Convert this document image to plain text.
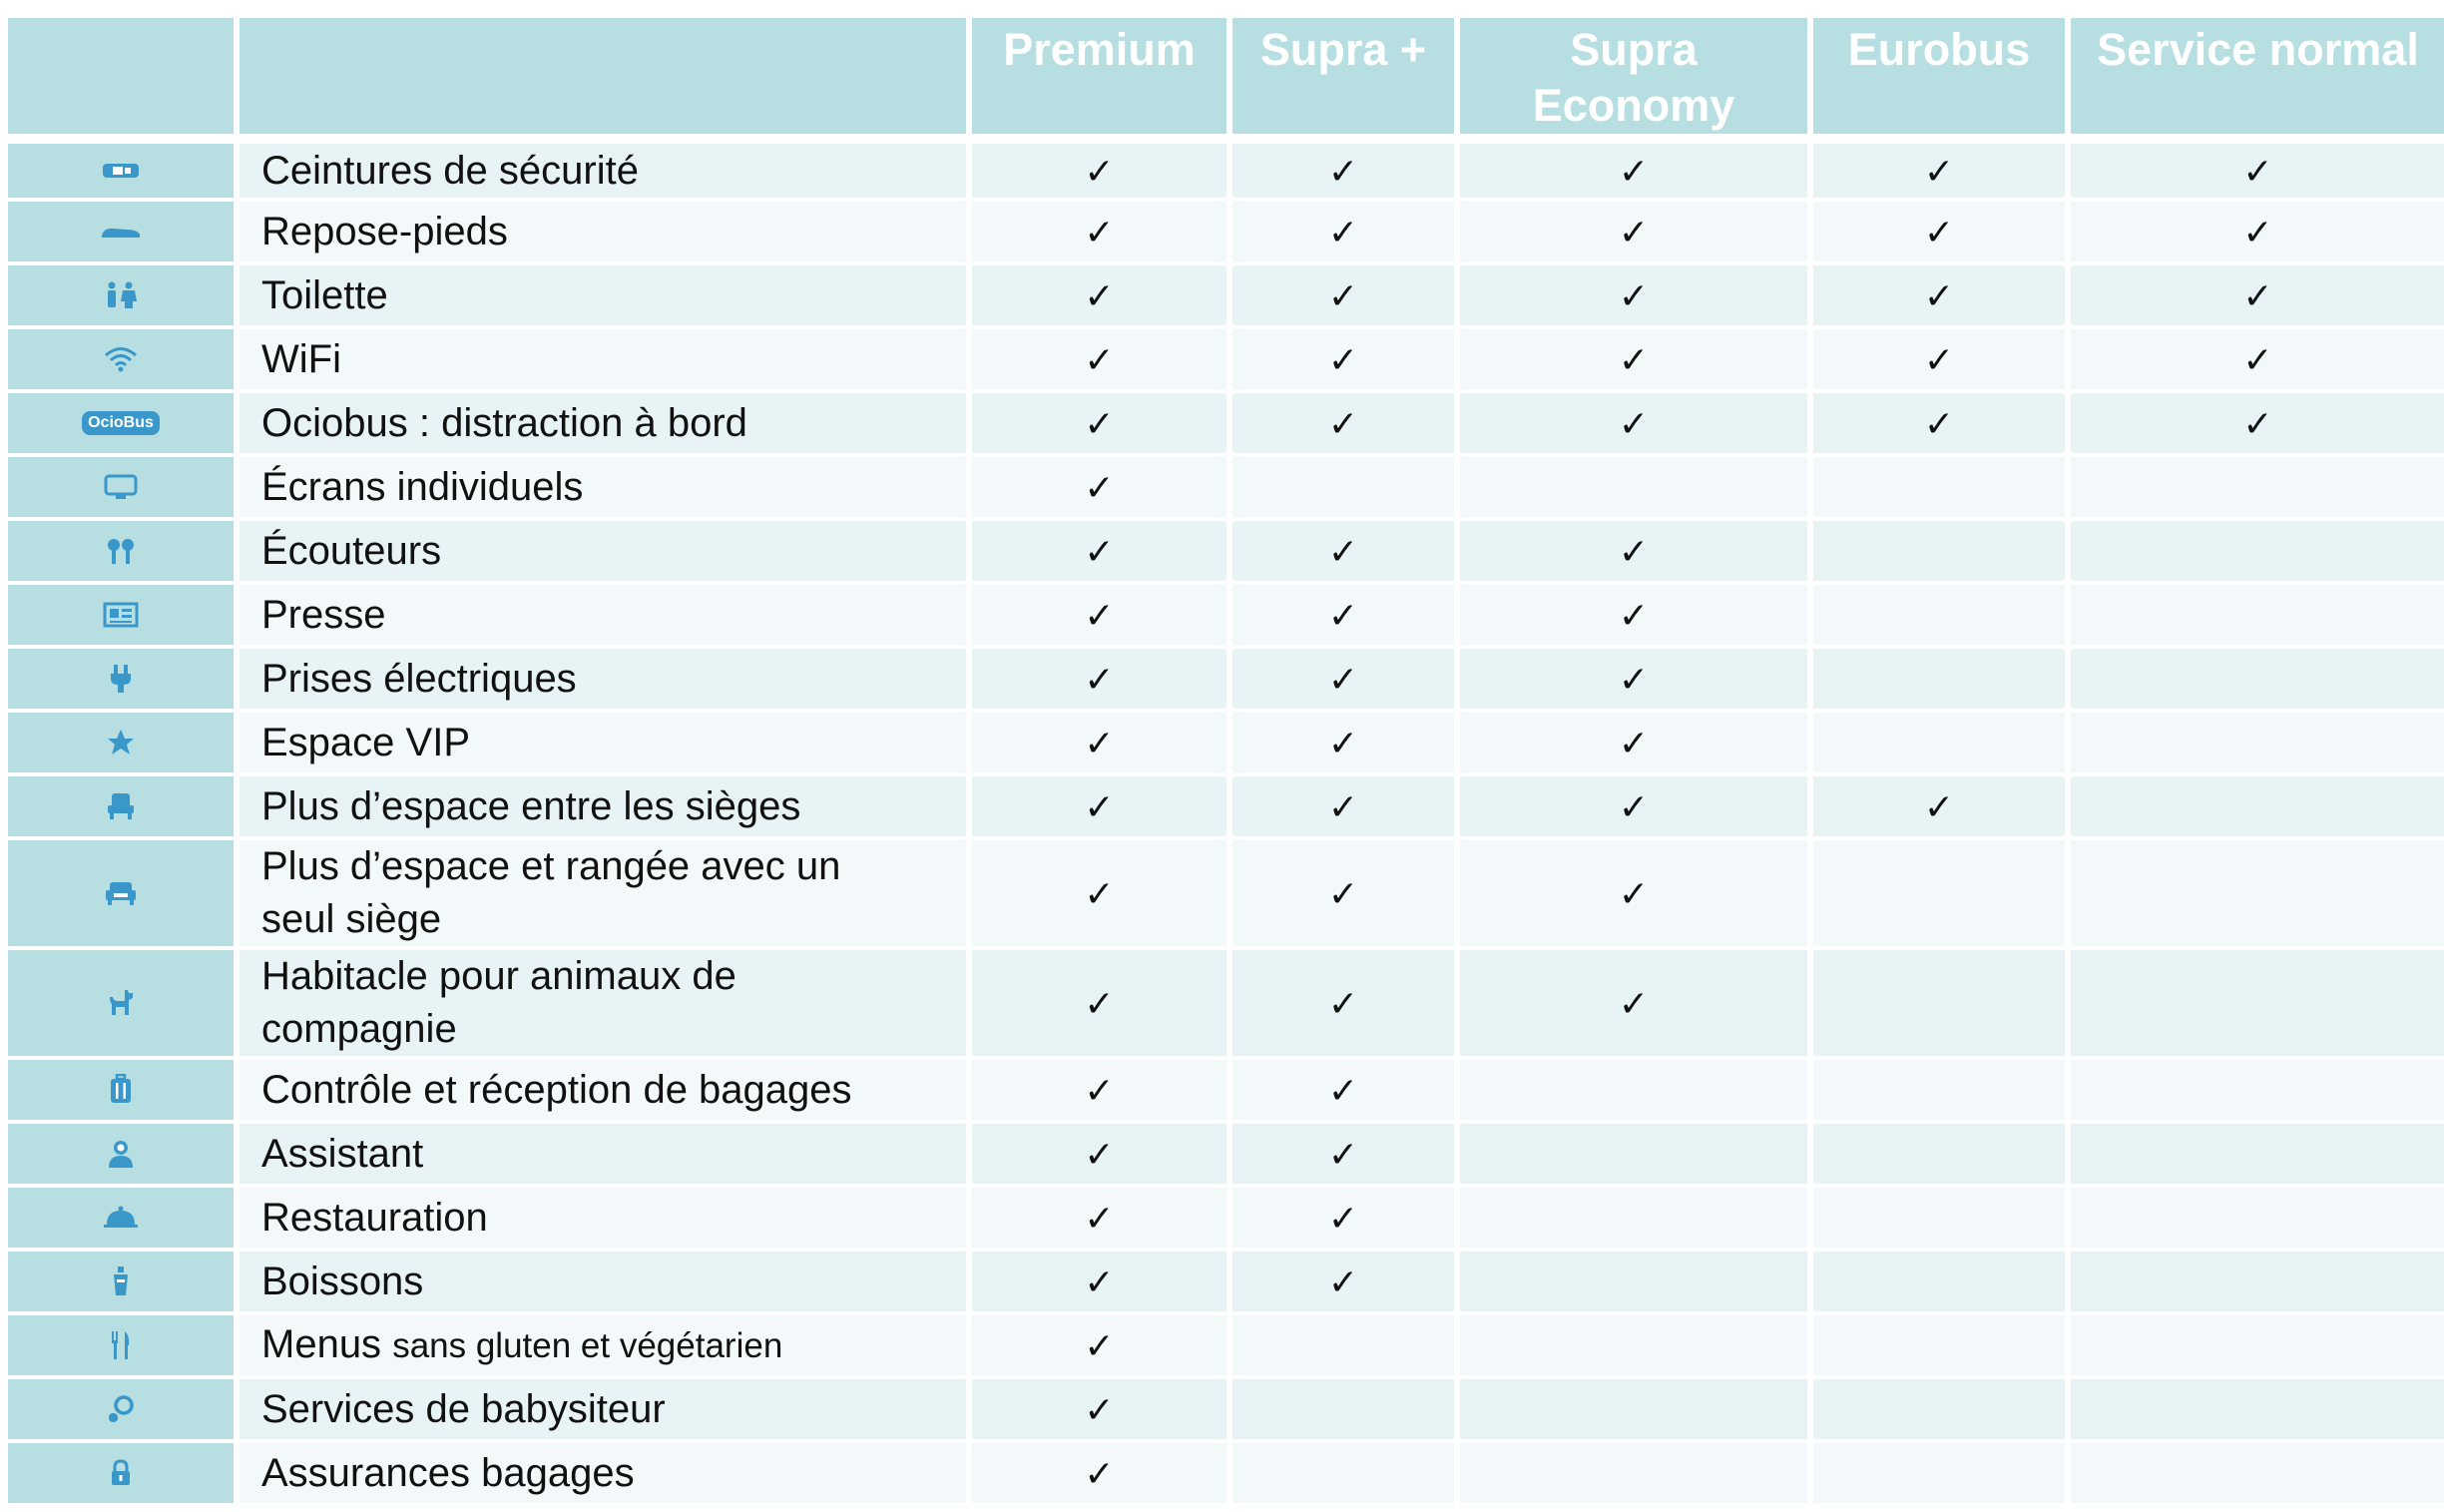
		Premium	Supra +	Supra Economy	Eurobus	Service normal

	Ceintures de sécurité	✓	✓	✓	✓	✓

	Repose-pieds	✓	✓	✓	✓	✓

	Toilette	✓	✓	✓	✓	✓

	WiFi	✓	✓	✓	✓	✓
OcioBus	Ociobus : distraction à bord	✓	✓	✓	✓	✓

	Écrans individuels	✓				

	Écouteurs	✓	✓	✓		

	Presse	✓	✓	✓		

	Prises électriques	✓	✓	✓		

	Espace VIP	✓	✓	✓		

	Plus d’espace entre les sièges	✓	✓	✓	✓	

	Plus d’espace et rangée avec un seul siège	✓	✓	✓		

	Habitacle pour animaux de compagnie	✓	✓	✓		

	Contrôle et réception de bagages	✓	✓			

	Assistant	✓	✓			

	Restauration	✓	✓			

	Boissons	✓	✓			

	Menus sans gluten et végétarien	✓				

	Services de babysiteur	✓				

	Assurances bagages	✓				
